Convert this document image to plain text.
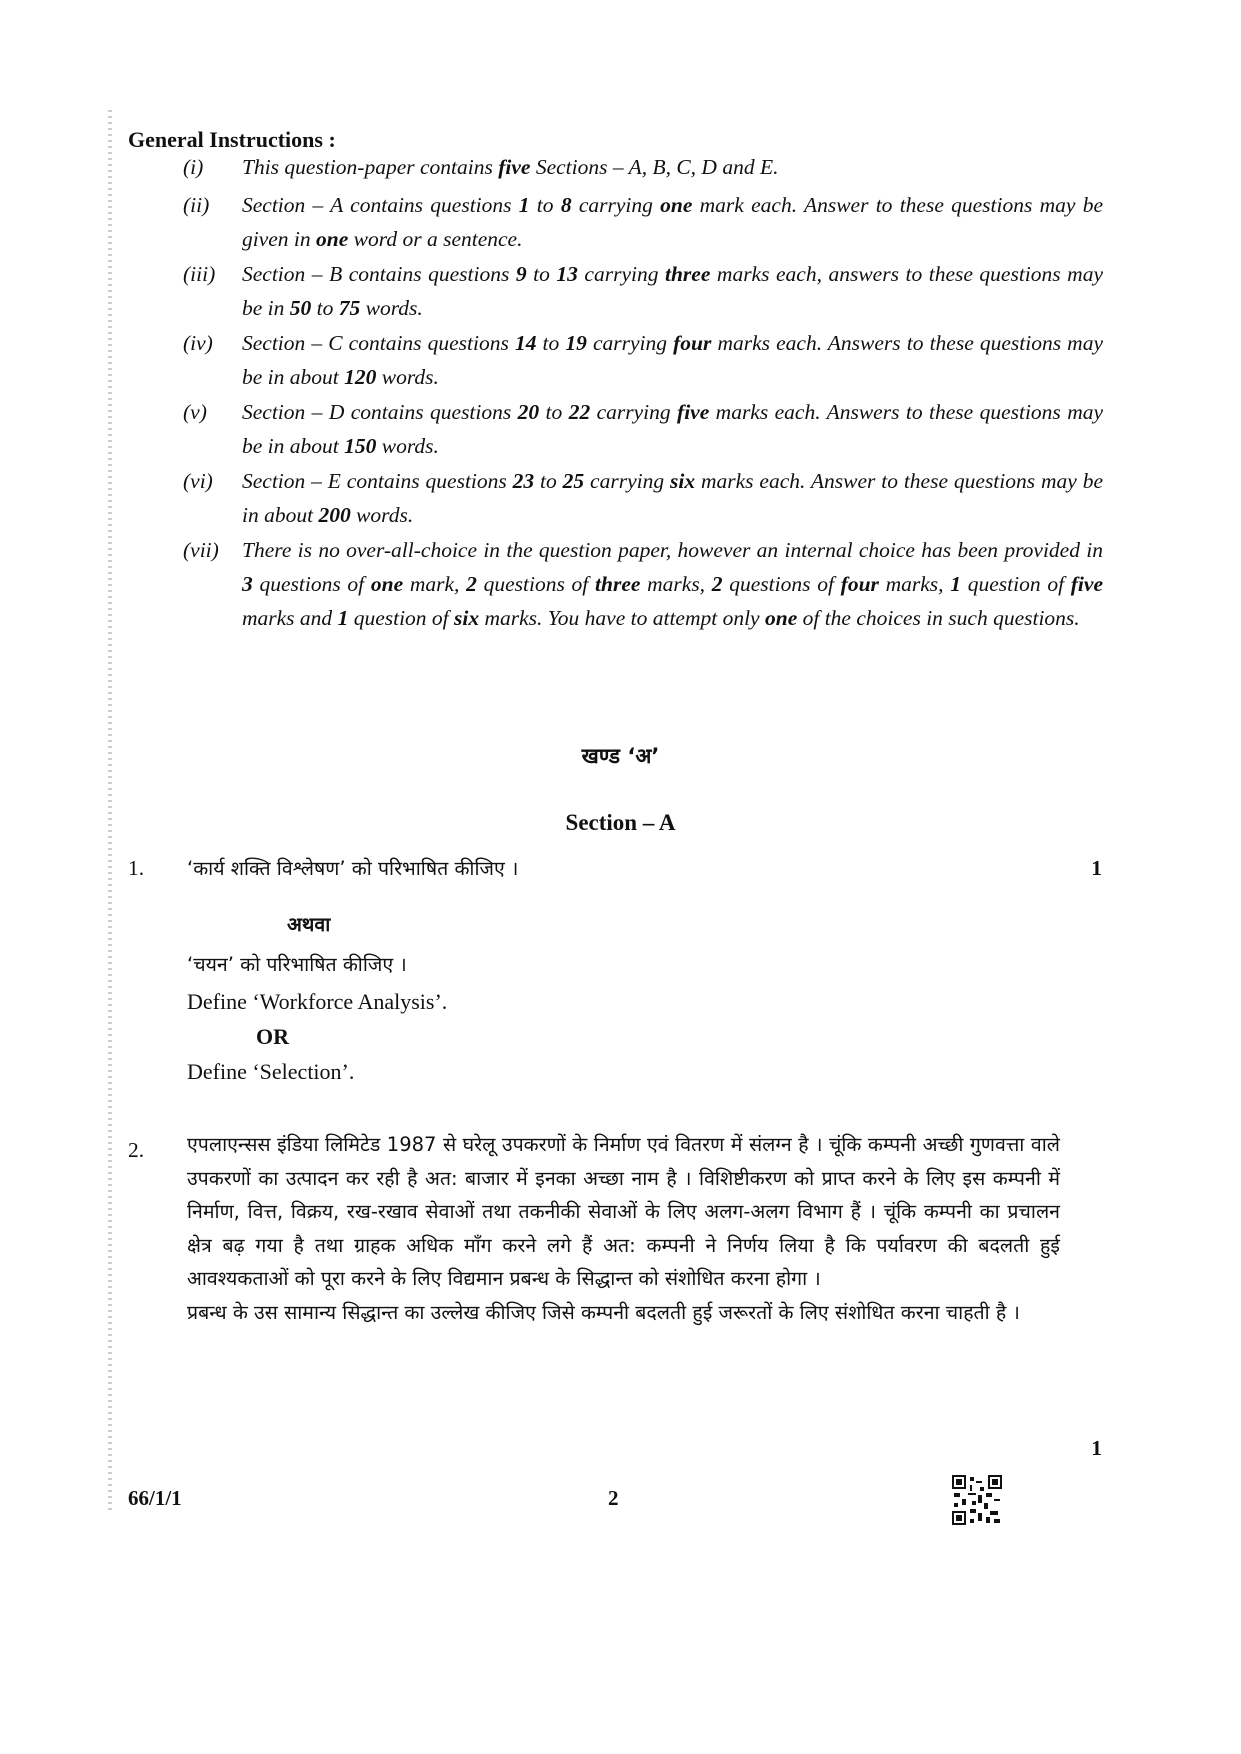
General Instructions :
(i)	This question-paper contains five Sections – A, B, C, D and E.
(ii)	Section – A contains questions 1 to 8 carrying one mark each. Answer to these questions may be given in one word or a sentence.
(iii)	Section – B contains questions 9 to 13 carrying three marks each, answers to these questions may be in 50 to 75 words.
(iv)	Section – C contains questions 14 to 19 carrying four marks each. Answers to these questions may be in about 120 words.
(v)	Section – D contains questions 20 to 22 carrying five marks each. Answers to these questions may be in about 150 words.
(vi)	Section – E contains questions 23 to 25 carrying six marks each. Answer to these questions may be in about 200 words.
(vii)	There is no over-all-choice in the question paper, however an internal choice has been provided in 3 questions of one mark, 2 questions of three marks, 2 questions of four marks, 1 question of five marks and 1 question of six marks. You have to attempt only one of the choices in such questions.
खण्ड ‘अ’
Section – A
1. ‘कार्य शक्ति विश्लेषण’ को परिभाषित कीजिए ।	1
अथवा
‘चयन’ को परिभाषित कीजिए ।
Define ‘Workforce Analysis’.
OR
Define ‘Selection’.
2. एपलाएन्सस इंडिया लिमिटेड 1987 से घरेलू उपकरणों के निर्माण एवं वितरण में संलग्न है । चूंकि कम्पनी अच्छी गुणवत्ता वाले उपकरणों का उत्पादन कर रही है अत: बाजार में इनका अच्छा नाम है । विशिष्टीकरण को प्राप्त करने के लिए इस कम्पनी में निर्माण, वित्त, विक्रय, रख-रखाव सेवाओं तथा तकनीकी सेवाओं के लिए अलग-अलग विभाग हैं । चूंकि कम्पनी का प्रचालन क्षेत्र बढ़ गया है तथा ग्राहक अधिक माँग करने लगे हैं अत: कम्पनी ने निर्णय लिया है कि पर्यावरण की बदलती हुई आवश्यकताओं को पूरा करने के लिए विद्यमान प्रबन्ध के सिद्धान्त को संशोधित करना होगा ।

प्रबन्ध के उस सामान्य सिद्धान्त का उल्लेख कीजिए जिसे कम्पनी बदलती हुई जरूरतों के लिए संशोधित करना चाहती है ।

1
66/1/1	2
